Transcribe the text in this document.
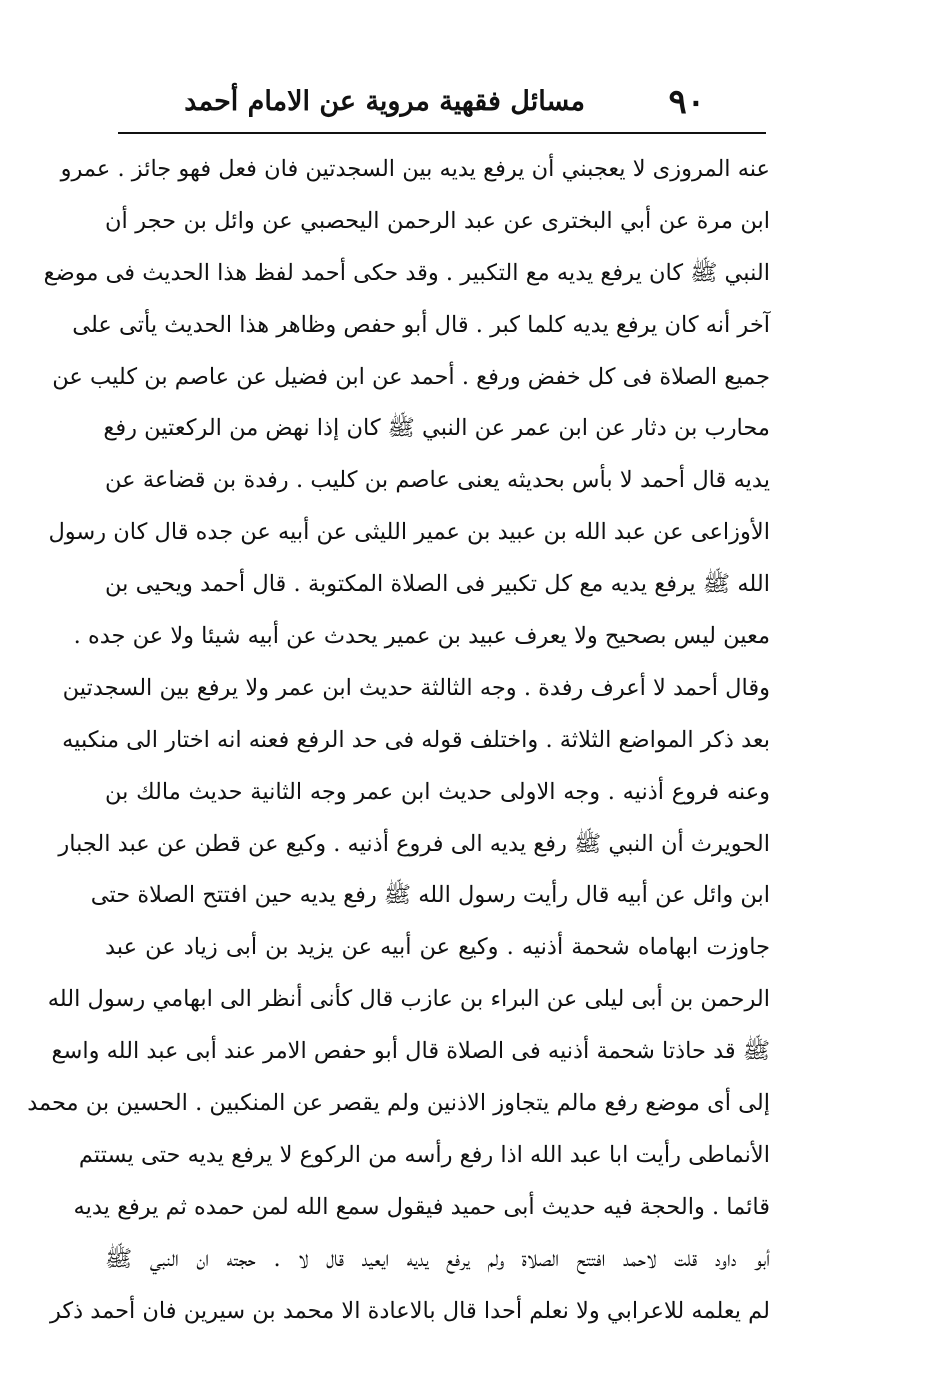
٩٠
مسائل فقهية مروية عن الامام أحمد
عنه المروزى لا يعجبني أن يرفع يديه بين السجدتين فان فعل فهو جائز . عمرو
ابن مرة عن أبي البخترى عن عبد الرحمن اليحصبي عن وائل بن حجر أن
النبي ﷺ كان يرفع يديه مع التكبير . وقد حكى أحمد لفظ هذا الحديث فى موضع
آخر أنه كان يرفع يديه كلما كبر . قال أبو حفص وظاهر هذا الحديث يأتى على
جميع الصلاة فى كل خفض ورفع . أحمد عن ابن فضيل عن عاصم بن كليب عن
محارب بن دثار عن ابن عمر عن النبي ﷺ كان إذا نهض من الركعتين رفع
يديه قال أحمد لا بأس بحديثه يعنى عاصم بن كليب . رفدة بن قضاعة عن
الأوزاعى عن عبد الله بن عبيد بن عمير الليثى عن أبيه عن جده قال كان رسول
الله ﷺ يرفع يديه مع كل تكبير فى الصلاة المكتوبة . قال أحمد ويحيى بن
معين ليس بصحيح ولا يعرف عبيد بن عمير يحدث عن أبيه شيئا ولا عن جده .
وقال أحمد لا أعرف رفدة . وجه الثالثة حديث ابن عمر ولا يرفع بين السجدتين
بعد ذكر المواضع الثلاثة . واختلف قوله فى حد الرفع فعنه انه اختار الى منكبيه
وعنه فروع أذنيه . وجه الاولى حديث ابن عمر وجه الثانية حديث مالك بن
الحويرث أن النبي ﷺ رفع يديه الى فروع أذنيه . وكيع عن قطن عن عبد الجبار
ابن وائل عن أبيه قال رأيت رسول الله ﷺ رفع يديه حين افتتح الصلاة حتى
جاوزت ابهاماه شحمة أذنيه . وكيع عن أبيه عن يزيد بن أبى زياد عن عبد
الرحمن بن أبى ليلى عن البراء بن عازب قال كأنى أنظر الى ابهامي رسول الله
ﷺ قد حاذتا شحمة أذنيه فى الصلاة قال أبو حفص الامر عند أبى عبد الله واسع
إلى أى موضع رفع مالم يتجاوز الاذنين ولم يقصر عن المنكبين . الحسين بن محمد
الأنماطى رأيت ابا عبد الله اذا رفع رأسه من الركوع لا يرفع يديه حتى يستتم
قائما . والحجة فيه حديث أبى حميد فيقول سمع الله لمن حمده ثم يرفع يديه
أبو داود قلت لاحمد افتتح الصلاة ولم يرفع يديه ايعيد قال لا . حجته ان النبي ﷺ
لم يعلمه للاعرابي ولا نعلم أحدا قال بالاعادة الا محمد بن سيرين فان أحمد ذكر
